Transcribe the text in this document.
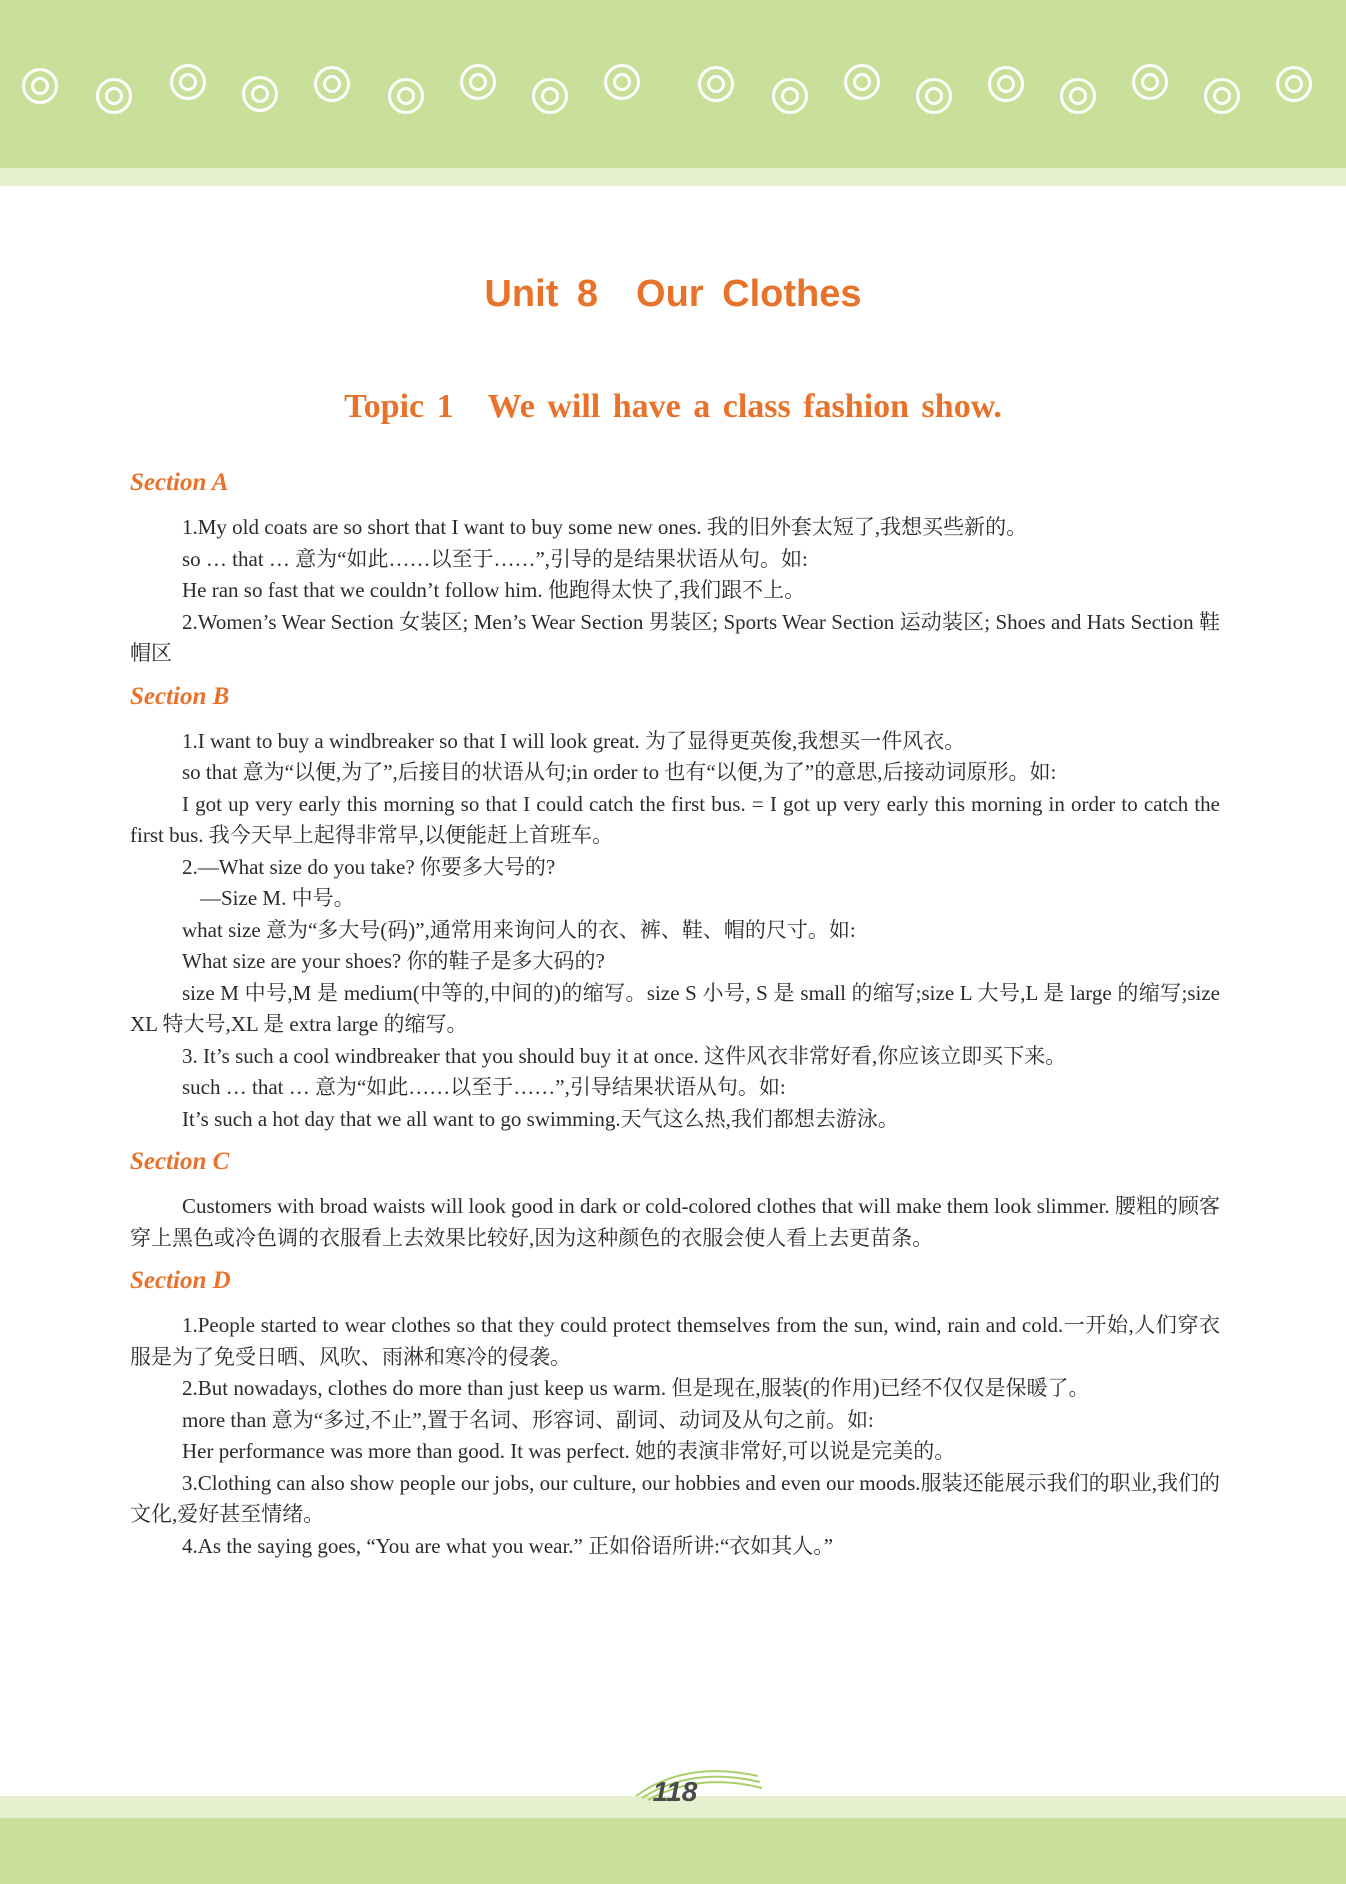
Unit 8　Our Clothes
Topic 1　We will have a class fashion show.
Section A

1.My old coats are so short that I want to buy some new ones. 我的旧外套太短了,我想买些新的。

so … that … 意为“如此……以至于……”,引导的是结果状语从句。如:

He ran so fast that we couldn’t follow him. 他跑得太快了,我们跟不上。

2.Women’s Wear Section 女装区; Men’s Wear Section 男装区; Sports Wear Section 运动装区; Shoes and Hats Section 鞋帽区

Section B

1.I want to buy a windbreaker so that I will look great. 为了显得更英俊,我想买一件风衣。

so that 意为“以便,为了”,后接目的状语从句;in order to 也有“以便,为了”的意思,后接动词原形。如:

I got up very early this morning so that I could catch the first bus. = I got up very early this morning in order to catch the first bus. 我今天早上起得非常早,以便能赶上首班车。

2.—What size do you take? 你要多大号的?

—Size M. 中号。

what size 意为“多大号(码)”,通常用来询问人的衣、裤、鞋、帽的尺寸。如:

What size are your shoes? 你的鞋子是多大码的?

size M 中号,M 是 medium(中等的,中间的)的缩写。size S 小号, S 是 small 的缩写;size L 大号,L 是 large 的缩写;size XL 特大号,XL 是 extra large 的缩写。

3. It’s such a cool windbreaker that you should buy it at once. 这件风衣非常好看,你应该立即买下来。

such … that … 意为“如此……以至于……”,引导结果状语从句。如:

It’s such a hot day that we all want to go swimming.天气这么热,我们都想去游泳。

Section C

Customers with broad waists will look good in dark or cold-colored clothes that will make them look slimmer. 腰粗的顾客穿上黑色或冷色调的衣服看上去效果比较好,因为这种颜色的衣服会使人看上去更苗条。

Section D

1.People started to wear clothes so that they could protect themselves from the sun, wind, rain and cold.一开始,人们穿衣服是为了免受日晒、风吹、雨淋和寒冷的侵袭。

2.But nowadays, clothes do more than just keep us warm. 但是现在,服装(的作用)已经不仅仅是保暖了。

more than 意为“多过,不止”,置于名词、形容词、副词、动词及从句之前。如:

Her performance was more than good. It was perfect. 她的表演非常好,可以说是完美的。

3.Clothing can also show people our jobs, our culture, our hobbies and even our moods.服装还能展示我们的职业,我们的文化,爱好甚至情绪。

4.As the saying goes, “You are what you wear.” 正如俗语所讲:“衣如其人。”

118
